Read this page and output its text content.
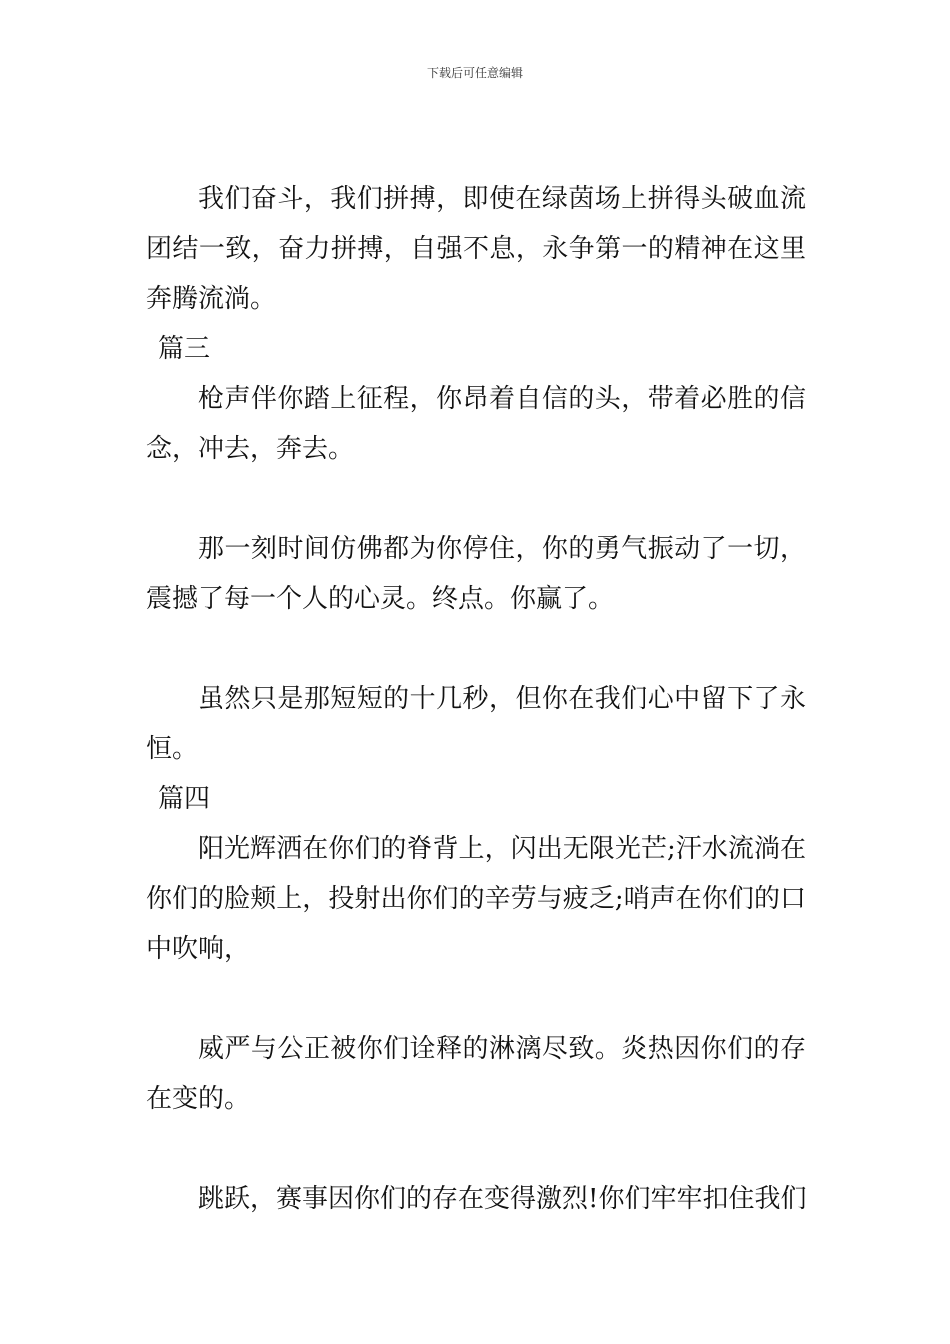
下载后可任意编辑

我们奋斗，我们拼搏，即使在绿茵场上拼得头破血流

团结一致，奋力拼搏，自强不息，永争第一的精神在这里

奔腾流淌。

篇三

枪声伴你踏上征程，你昂着自信的头，带着必胜的信

念，冲去，奔去。

那一刻时间仿佛都为你停住，你的勇气振动了一切，

震撼了每一个人的心灵。终点。你赢了。

虽然只是那短短的十几秒，但你在我们心中留下了永

恒。

篇四

阳光辉洒在你们的脊背上，闪出无限光芒;汗水流淌在

你们的脸颊上，投射出你们的辛劳与疲乏;哨声在你们的口

中吹响，

威严与公正被你们诠释的淋漓尽致。炎热因你们的存

在变的。

跳跃，赛事因你们的存在变得激烈!你们牢牢扣住我们
